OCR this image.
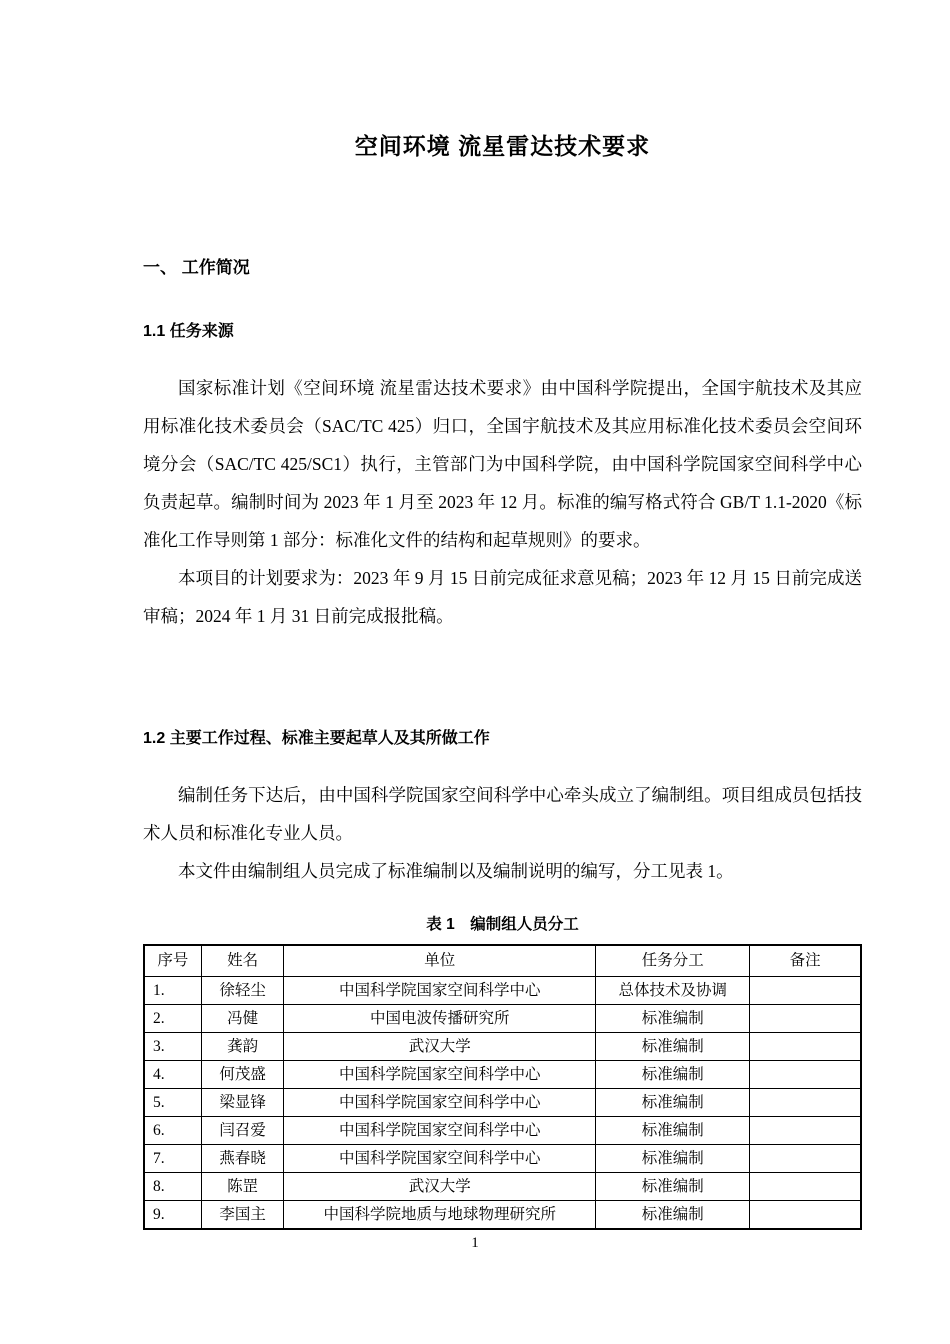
空间环境 流星雷达技术要求
一、 工作简况
1.1 任务来源

国家标准计划《空间环境 流星雷达技术要求》由中国科学院提出，全国宇航技术及其应用标准化技术委员会（SAC/TC 425）归口，全国宇航技术及其应用标准化技术委员会空间环境分会（SAC/TC 425/SC1）执行，主管部门为中国科学院，由中国科学院国家空间科学中心负责起草。编制时间为 2023 年 1 月至 2023 年 12 月。标准的编写格式符合 GB/T 1.1-2020《标准化工作导则第 1 部分：标准化文件的结构和起草规则》的要求。

本项目的计划要求为：2023 年 9 月 15 日前完成征求意见稿；2023 年 12 月 15 日前完成送审稿；2024 年 1 月 31 日前完成报批稿。

1.2 主要工作过程、标准主要起草人及其所做工作

编制任务下达后，由中国科学院国家空间科学中心牵头成立了编制组。项目组成员包括技术人员和标准化专业人员。

本文件由编制组人员完成了标准编制以及编制说明的编写，分工见表 1。

表 1　编制组人员分工

序号	姓名	单位	任务分工	备注
1.	徐轻尘	中国科学院国家空间科学中心	总体技术及协调	
2.	冯健	中国电波传播研究所	标准编制	
3.	龚韵	武汉大学	标准编制	
4.	何茂盛	中国科学院国家空间科学中心	标准编制	
5.	梁显锋	中国科学院国家空间科学中心	标准编制	
6.	闫召爱	中国科学院国家空间科学中心	标准编制	
7.	燕春晓	中国科学院国家空间科学中心	标准编制	
8.	陈罡	武汉大学	标准编制	
9.	李国主	中国科学院地质与地球物理研究所	标准编制	
1
